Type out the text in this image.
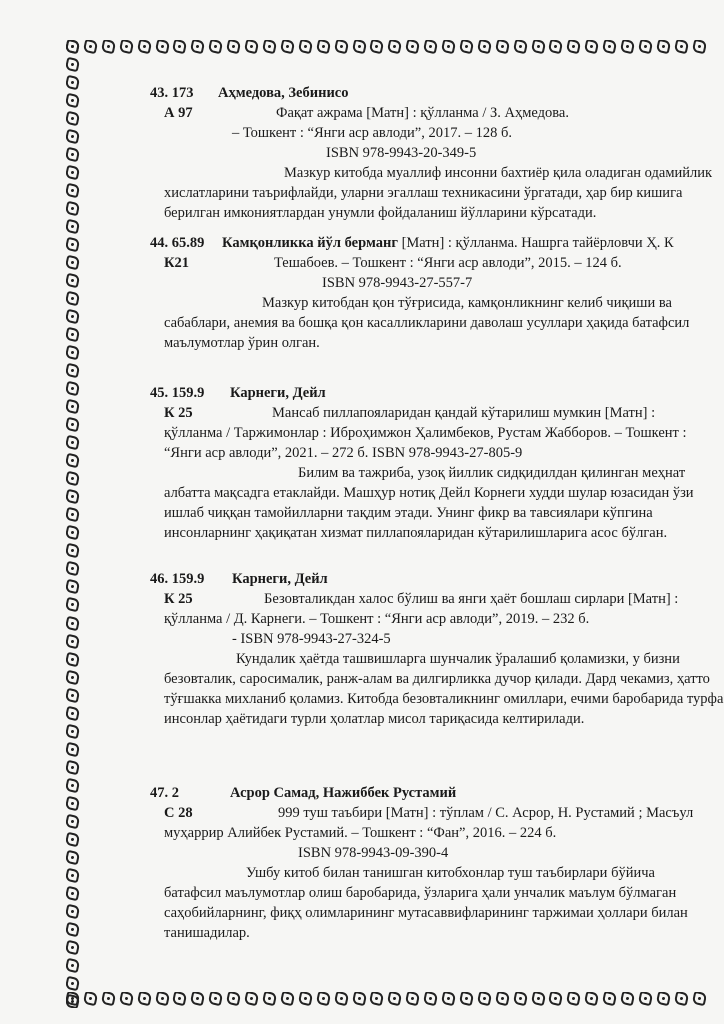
43. 173 Аҳмедова, Зебинисо
А 97	Фақат ажрама [Матн] : қўлланма / З. Аҳмедова.
– Тошкент : “Янги аср авлоди”, 2017. – 128 б.
ISBN 978-9943-20-349-5
Мазкур китобда муаллиф инсонни бахтиёр қила оладиган одамийлик
хислатларини таърифлайди, уларни эгаллаш техникасини ўргатади, ҳар бир кишига
берилган имкониятлардан унумли фойдаланиш йўлларини кўрсатади.
44. 65.89 Камқонликка йўл берманг [Матн] : қўлланма. Нашрга тайёрловчи Ҳ. К
К21	Тешабоев. – Тошкент : “Янги аср авлоди”, 2015. – 124 б.
ISBN 978-9943-27-557-7
Мазкур китобдан қон тўғрисида, камқонликнинг келиб чиқиши ва
сабаблари, анемия ва бошқа қон касалликларини даволаш усуллари ҳақида батафсил
маълумотлар ўрин олган.
45. 159.9 Карнеги, Дейл
К 25	Мансаб пиллапояларидан қандай кўтарилиш мумкин [Матн] :
қўлланма / Таржимонлар : Иброҳимжон Ҳалимбеков, Рустам Жабборов. – Тошкент :
“Янги аср авлоди”, 2021. – 272 б. ISBN 978-9943-27-805-9
Билим ва тажриба, узоқ йиллик сидқидилдан қилинган меҳнат
албатта мақсадга етаклайди. Машҳур нотиқ Дейл Корнеги худди шулар юзасидан ўзи
ишлаб чиққан тамойилларни тақдим этади. Унинг фикр ва тавсиялари кўпгина
инсонларнинг ҳақиқатан хизмат пиллапояларидан кўтарилишларига асос бўлган.
46. 159.9 Карнеги, Дейл
К 25	Безовталикдан халос бўлиш ва янги ҳаёт бошлаш сирлари [Матн] :
қўлланма / Д. Карнеги. – Тошкент : “Янги аср авлоди”, 2019. – 232 б.
- ISBN 978-9943-27-324-5
Кундалик ҳаётда ташвишларга шунчалик ўралашиб қоламизки, у бизни
безовталик, саросималик, ранж-алам ва дилгирликка дучор қилади. Дард чекамиз, ҳатто
тўғшакка михланиб қоламиз. Китобда безовталикнинг омиллари, ечими баробарида турфа
инсонлар ҳаётидаги турли ҳолатлар мисол тариқасида келтирилади.
47. 2	Асрор Самад, Нажиббек Рустамий
С 28	999 туш таъбири [Матн] : тўплам / С. Асрор, Н. Рустамий ; Масъул
муҳаррир Алийбек Рустамий. – Тошкент : “Фан”, 2016. – 224 б.
ISBN 978-9943-09-390-4
Ушбу китоб билан танишган китобхонлар туш таъбирлари бўйича
батафсил маълумотлар олиш баробарида, ўзларига ҳали унчалик маълум бўлмаган
саҳобийларнинг, фиқҳ олимларининг мутасаввифларининг таржимаи ҳоллари билан
танишадилар.
